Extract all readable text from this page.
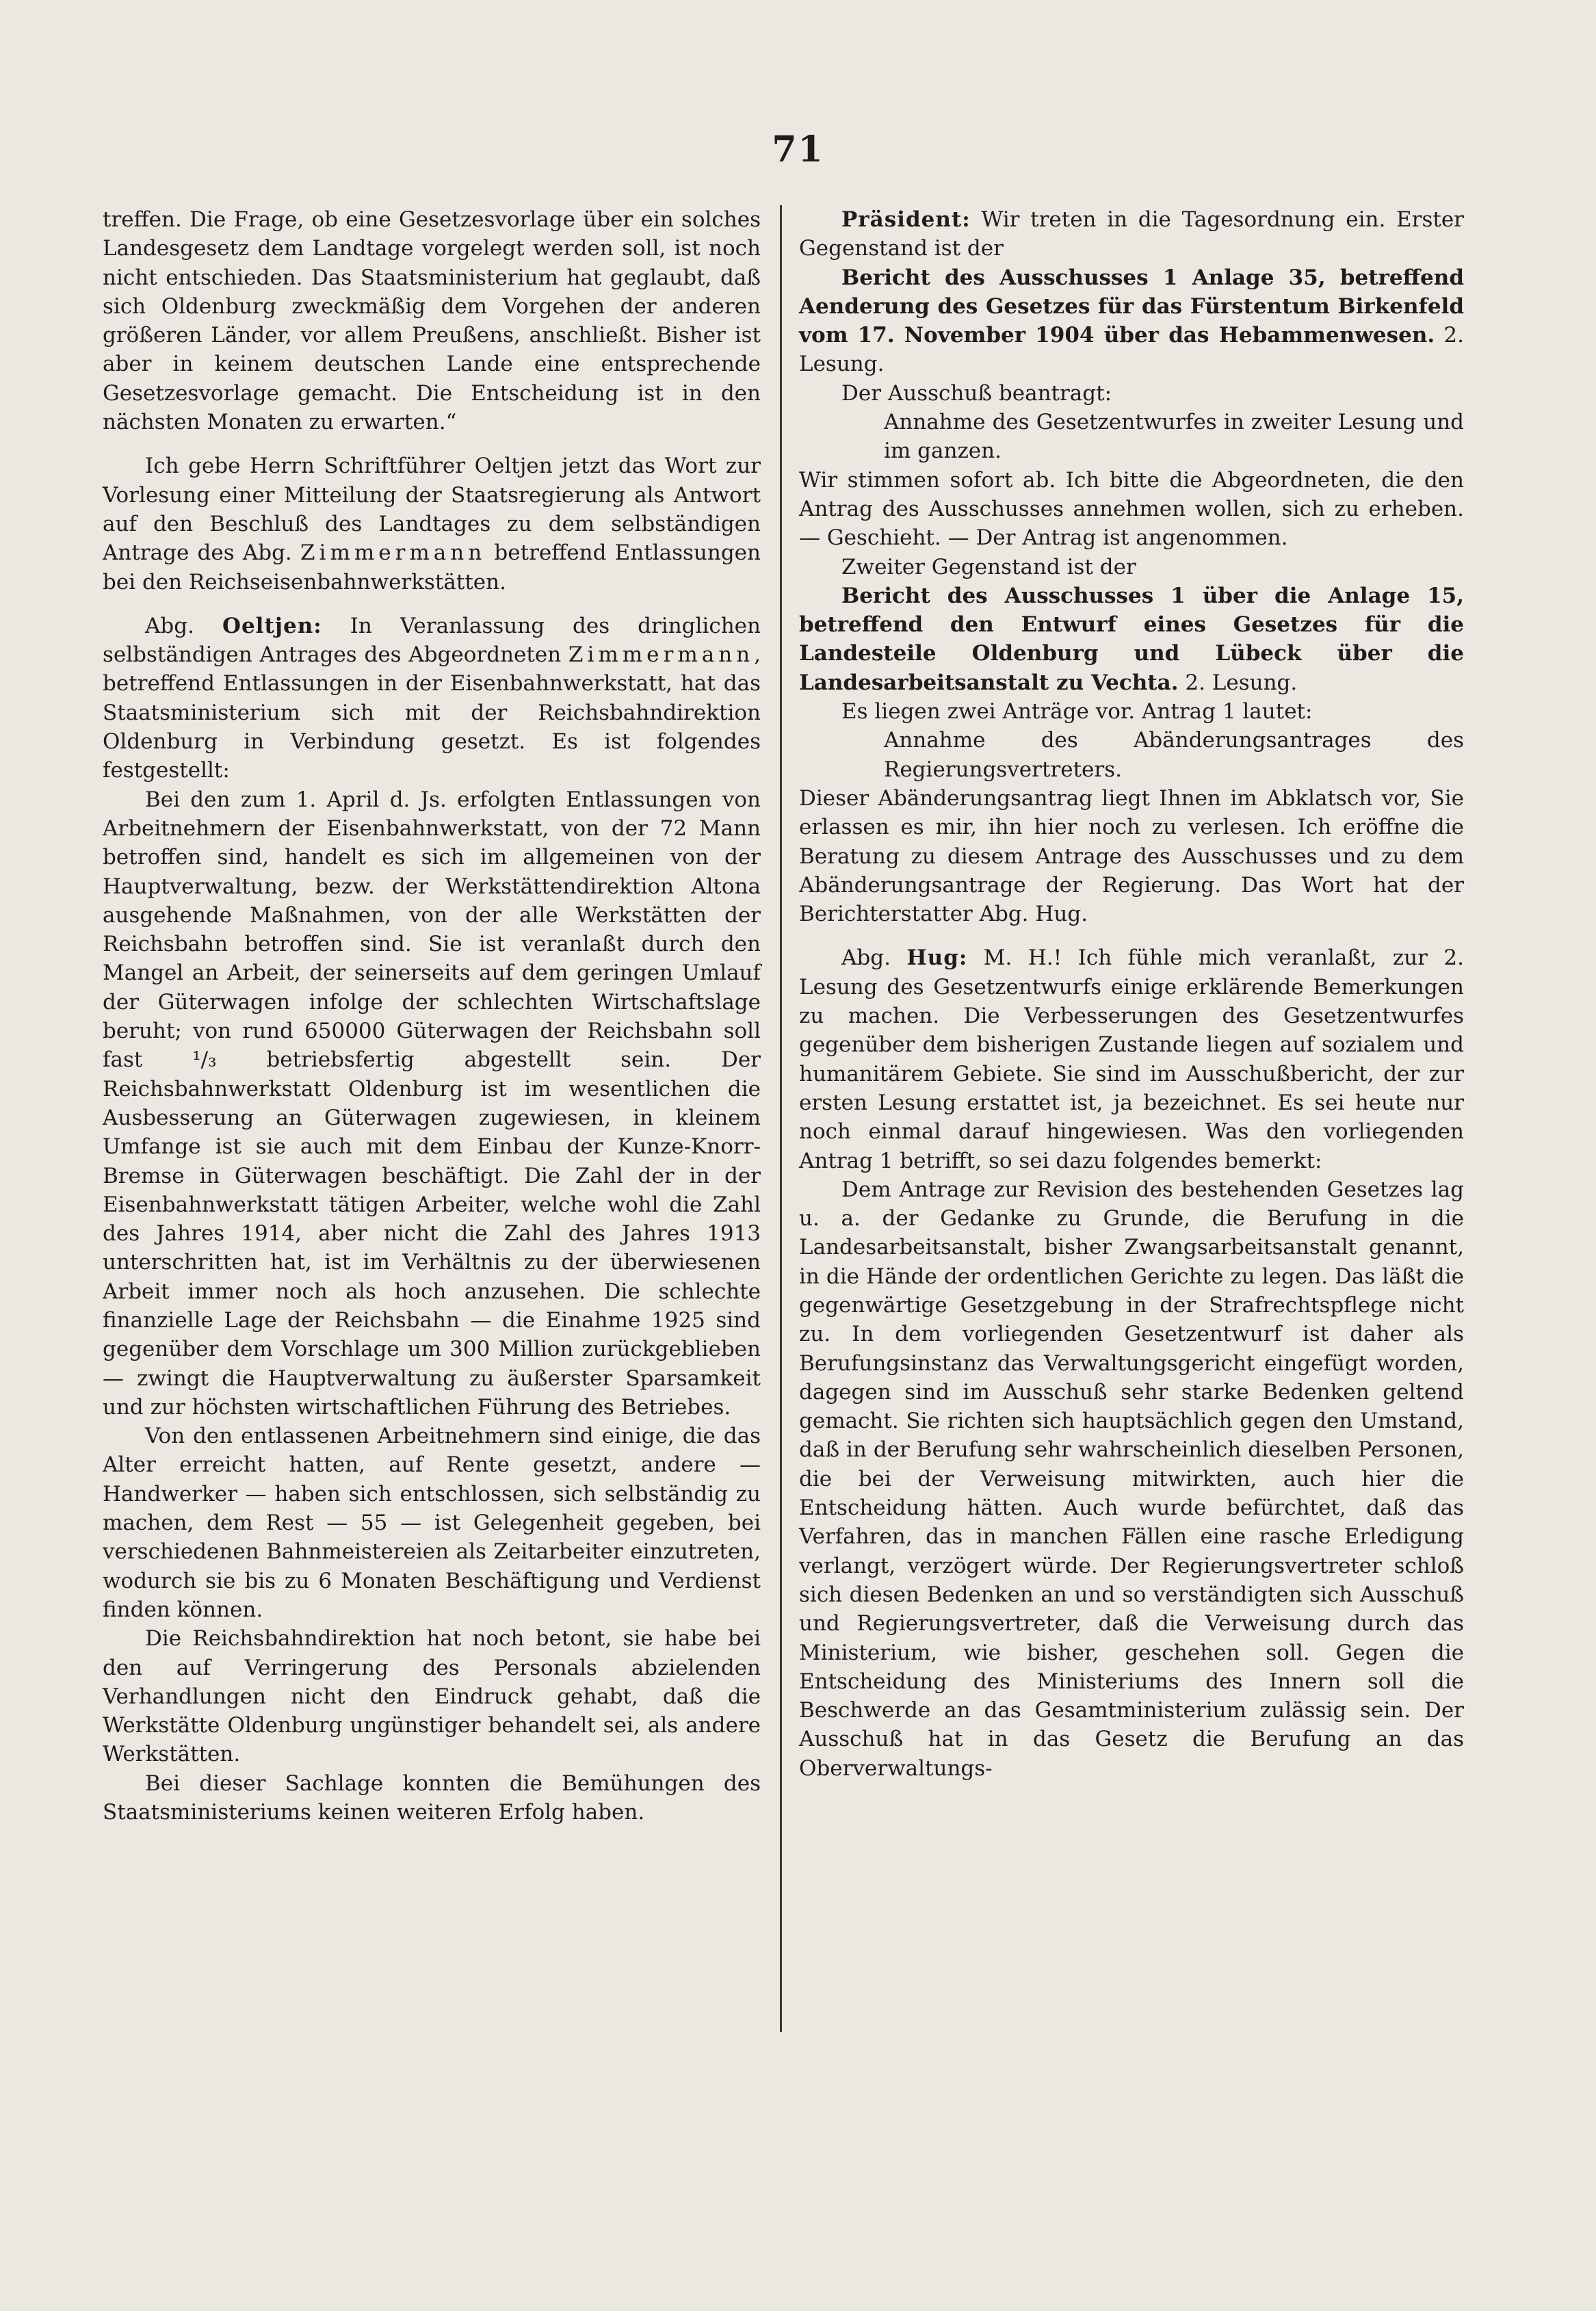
71

treffen. Die Frage, ob eine Gesetzesvorlage über ein solches Landesgesetz dem Landtage vorgelegt werden soll, ist noch nicht entschieden. Das Staatsministerium hat geglaubt, daß sich Oldenburg zweckmäßig dem Vorgehen der anderen größeren Länder, vor allem Preußens, anschließt. Bisher ist aber in keinem deutschen Lande eine entsprechende Gesetzesvorlage gemacht. Die Entscheidung ist in den nächsten Monaten zu erwarten.“

Ich gebe Herrn Schriftführer Oeltjen jetzt das Wort zur Vorlesung einer Mitteilung der Staatsregierung als Antwort auf den Beschluß des Landtages zu dem selbständigen Antrage des Abg. Zimmermann betreffend Entlassungen bei den Reichseisenbahnwerkstätten.

Abg. Oeltjen: In Veranlassung des dringlichen selbständigen Antrages des Abgeordneten Zimmermann, betreffend Entlassungen in der Eisenbahnwerkstatt, hat das Staatsministerium sich mit der Reichsbahndirektion Oldenburg in Verbindung gesetzt. Es ist folgendes festgestellt:

Bei den zum 1. April d. Js. erfolgten Entlassungen von Arbeitnehmern der Eisenbahnwerkstatt, von der 72 Mann betroffen sind, handelt es sich im allgemeinen von der Hauptverwaltung, bezw. der Werkstättendirektion Altona ausgehende Maßnahmen, von der alle Werkstätten der Reichsbahn betroffen sind. Sie ist veranlaßt durch den Mangel an Arbeit, der seinerseits auf dem geringen Umlauf der Güterwagen infolge der schlechten Wirtschaftslage beruht; von rund 650000 Güterwagen der Reichsbahn soll fast ¹/₃ betriebsfertig abgestellt sein. Der Reichsbahnwerkstatt Oldenburg ist im wesentlichen die Ausbesserung an Güterwagen zugewiesen, in kleinem Umfange ist sie auch mit dem Einbau der Kunze-Knorr-Bremse in Güterwagen beschäftigt. Die Zahl der in der Eisenbahnwerkstatt tätigen Arbeiter, welche wohl die Zahl des Jahres 1914, aber nicht die Zahl des Jahres 1913 unterschritten hat, ist im Verhältnis zu der überwiesenen Arbeit immer noch als hoch anzusehen. Die schlechte finanzielle Lage der Reichsbahn — die Einahme 1925 sind gegenüber dem Vorschlage um 300 Million zurückgeblieben — zwingt die Hauptverwaltung zu äußerster Sparsamkeit und zur höchsten wirtschaftlichen Führung des Betriebes.

Von den entlassenen Arbeitnehmern sind einige, die das Alter erreicht hatten, auf Rente gesetzt, andere — Handwerker — haben sich entschlossen, sich selbständig zu machen, dem Rest — 55 — ist Gelegenheit gegeben, bei verschiedenen Bahnmeistereien als Zeitarbeiter einzutreten, wodurch sie bis zu 6 Monaten Beschäftigung und Verdienst finden können.

Die Reichsbahndirektion hat noch betont, sie habe bei den auf Verringerung des Personals abzielenden Verhandlungen nicht den Eindruck gehabt, daß die Werkstätte Oldenburg ungünstiger behandelt sei, als andere Werkstätten.

Bei dieser Sachlage konnten die Bemühungen des Staatsministeriums keinen weiteren Erfolg haben.

Präsident: Wir treten in die Tagesordnung ein. Erster Gegenstand ist der

Bericht des Ausschusses 1 Anlage 35, betreffend Aenderung des Gesetzes für das Fürstentum Birkenfeld vom 17. November 1904 über das Hebammenwesen. 2. Lesung.

Der Ausschuß beantragt:

Annahme des Gesetzentwurfes in zweiter Lesung und im ganzen.

Wir stimmen sofort ab. Ich bitte die Abgeordneten, die den Antrag des Ausschusses annehmen wollen, sich zu erheben. — Geschieht. — Der Antrag ist angenommen.

Zweiter Gegenstand ist der

Bericht des Ausschusses 1 über die Anlage 15, betreffend den Entwurf eines Gesetzes für die Landesteile Oldenburg und Lübeck über die Landesarbeitsanstalt zu Vechta. 2. Lesung.

Es liegen zwei Anträge vor. Antrag 1 lautet:

Annahme des Abänderungsantrages des Regierungsvertreters.

Dieser Abänderungsantrag liegt Ihnen im Abklatsch vor, Sie erlassen es mir, ihn hier noch zu verlesen. Ich eröffne die Beratung zu diesem Antrage des Ausschusses und zu dem Abänderungsantrage der Regierung. Das Wort hat der Berichterstatter Abg. Hug.

Abg. Hug: M. H.! Ich fühle mich veranlaßt, zur 2. Lesung des Gesetzentwurfs einige erklärende Bemerkungen zu machen. Die Verbesserungen des Gesetzentwurfes gegenüber dem bisherigen Zustande liegen auf sozialem und humanitärem Gebiete. Sie sind im Ausschußbericht, der zur ersten Lesung erstattet ist, ja bezeichnet. Es sei heute nur noch einmal darauf hingewiesen. Was den vorliegenden Antrag 1 betrifft, so sei dazu folgendes bemerkt:

Dem Antrage zur Revision des bestehenden Gesetzes lag u. a. der Gedanke zu Grunde, die Berufung in die Landesarbeitsanstalt, bisher Zwangsarbeitsanstalt genannt, in die Hände der ordentlichen Gerichte zu legen. Das läßt die gegenwärtige Gesetzgebung in der Strafrechtspflege nicht zu. In dem vorliegenden Gesetzentwurf ist daher als Berufungsinstanz das Verwaltungsgericht eingefügt worden, dagegen sind im Ausschuß sehr starke Bedenken geltend gemacht. Sie richten sich hauptsächlich gegen den Umstand, daß in der Berufung sehr wahrscheinlich dieselben Personen, die bei der Verweisung mitwirkten, auch hier die Entscheidung hätten. Auch wurde befürchtet, daß das Verfahren, das in manchen Fällen eine rasche Erledigung verlangt, verzögert würde. Der Regierungsvertreter schloß sich diesen Bedenken an und so verständigten sich Ausschuß und Regierungsvertreter, daß die Verweisung durch das Ministerium, wie bisher, geschehen soll. Gegen die Entscheidung des Ministeriums des Innern soll die Beschwerde an das Gesamtministerium zulässig sein. Der Ausschuß hat in das Gesetz die Berufung an das Oberverwaltungs-
